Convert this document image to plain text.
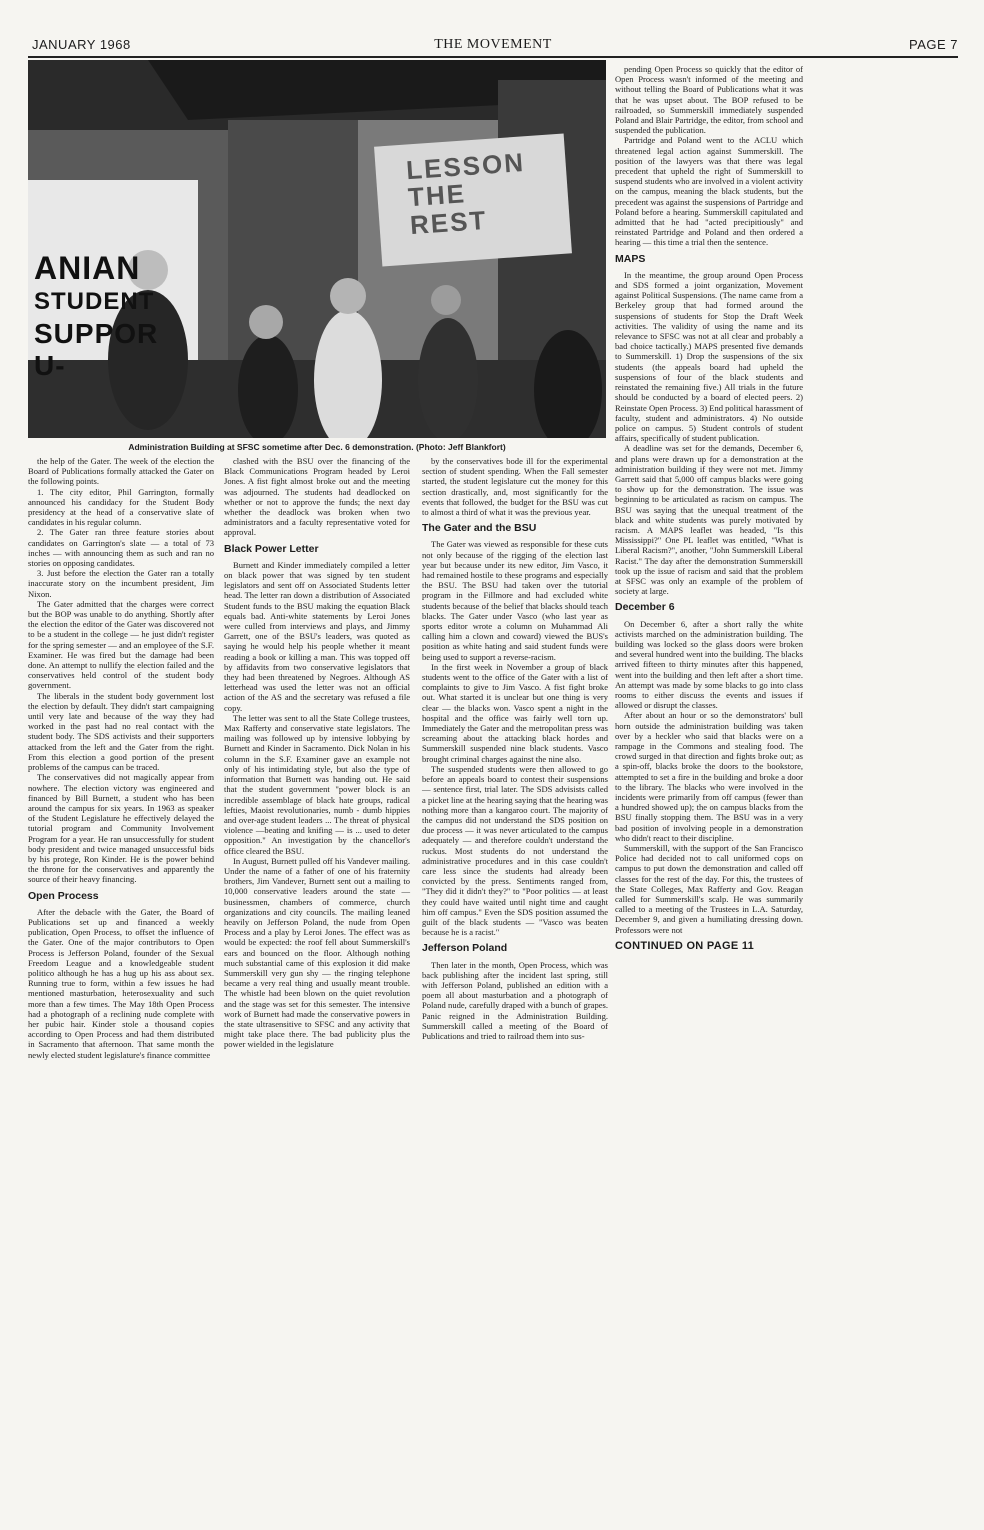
JANUARY 1968	THE MOVEMENT	PAGE 7
ANIAN
STUDENT
SUPPOR
U-
LESSON
THE
REST
Administration Building at SFSC sometime after Dec. 6 demonstration. (Photo: Jeff Blankfort)

the help of the Gater. The week of the election the Board of Publications formally attacked the Gater on the following points.

1. The city editor, Phil Garrington, formally announced his candidacy for the Student Body presidency at the head of a conservative slate of candidates in his regular column.

2. The Gater ran three feature stories about candidates on Garrington's slate — a total of 73 inches — with announcing them as such and ran no stories on opposing candidates.

3. Just before the election the Gater ran a totally inaccurate story on the incumbent president, Jim Nixon.

The Gater admitted that the charges were correct but the BOP was unable to do anything. Shortly after the election the editor of the Gater was discovered not to be a student in the college — he just didn't register for the spring semester — and an employee of the S.F. Examiner. He was fired but the damage had been done. An attempt to nullify the election failed and the conservatives held control of the student body government.

The liberals in the student body government lost the election by default. They didn't start campaigning until very late and because of the way they had worked in the past had no real contact with the student body. The SDS activists and their supporters attacked from the left and the Gater from the right. From this election a good portion of the present problems of the campus can be traced.

The conservatives did not magically appear from nowhere. The election victory was engineered and financed by Bill Burnett, a student who has been around the campus for six years. In 1963 as speaker of the Student Legislature he effectively delayed the tutorial program and Community Involvement Program for a year. He ran unsuccessfully for student body president and twice managed unsuccessful bids by his protege, Ron Kinder. He is the power behind the throne for the conservatives and apparently the source of their heavy financing.

Open Process

After the debacle with the Gater, the Board of Publications set up and financed a weekly publication, Open Process, to offset the influence of the Gater. One of the major contributors to Open Process is Jefferson Poland, founder of the Sexual Freedom League and a knowledgeable student politico although he has a hug up his ass about sex. Running true to form, within a few issues he had mentioned masturbation, heterosexuality and such more than a few times. The May 18th Open Process had a photograph of a reclining nude complete with her pubic hair. Kinder stole a thousand copies according to Open Process and had them distributed in Sacramento that afternoon. That same month the newly elected student legislature's finance committee

clashed with the BSU over the financing of the Black Communications Program headed by Leroi Jones. A fist fight almost broke out and the meeting was adjourned. The students had deadlocked on whether or not to approve the funds; the next day whether the deadlock was broken when two administrators and a faculty representative voted for approval.

Black Power Letter

Burnett and Kinder immediately compiled a letter on black power that was signed by ten student legislators and sent off on Associated Students letter head. The letter ran down a distribution of Associated Student funds to the BSU making the equation Black equals bad. Anti-white statements by Leroi Jones were culled from interviews and plays, and Jimmy Garrett, one of the BSU's leaders, was quoted as saying he would help his people whether it meant reading a book or killing a man. This was topped off by affidavits from two conservative legislators that they had been threatened by Negroes. Although AS letterhead was used the letter was not an official action of the AS and the secretary was refused a file copy.

The letter was sent to all the State College trustees, Max Rafferty and conservative state legislators. The mailing was followed up by intensive lobbying by Burnett and Kinder in Sacramento. Dick Nolan in his column in the S.F. Examiner gave an example not only of his intimidating style, but also the type of information that Burnett was handing out. He said that the student government "power block is an incredible assemblage of black hate groups, radical lefties, Maoist revolutionaries, numb - dumb hippies and over-age student leaders ... The threat of physical violence —beating and knifing — is ... used to deter opposition." An investigation by the chancellor's office cleared the BSU.

In August, Burnett pulled off his Vandever mailing. Under the name of a father of one of his fraternity brothers, Jim Vandever, Burnett sent out a mailing to 10,000 conservative leaders around the state — businessmen, chambers of commerce, church organizations and city councils. The mailing leaned heavily on Jefferson Poland, the nude from Open Process and a play by Leroi Jones. The effect was as would be expected: the roof fell about Summerskill's ears and bounced on the floor. Although nothing much substantial came of this explosion it did make Summerskill very gun shy — the ringing telephone became a very real thing and usually meant trouble. The whistle had been blown on the quiet revolution and the stage was set for this semester. The intensive work of Burnett had made the conservative powers in the state ultrasensitive to SFSC and any activity that might take place there. The bad publicity plus the power wielded in the legislature

by the conservatives bode ill for the experimental section of student spending. When the Fall semester started, the student legislature cut the money for this section drastically, and, most significantly for the events that followed, the budget for the BSU was cut to almost a third of what it was the previous year.

The Gater and the BSU

The Gater was viewed as responsible for these cuts not only because of the rigging of the election last year but because under its new editor, Jim Vasco, it had remained hostile to these programs and especially the BSU. The BSU had taken over the tutorial program in the Fillmore and had excluded white students because of the belief that blacks should teach blacks. The Gater under Vasco (who last year as sports editor wrote a column on Muhammad Ali calling him a clown and coward) viewed the BUS's position as white hating and said student funds were being used to support a reverse-racism.

In the first week in November a group of black students went to the office of the Gater with a list of complaints to give to Jim Vasco. A fist fight broke out. What started it is unclear but one thing is very clear — the blacks won. Vasco spent a night in the hospital and the office was fairly well torn up. Immediately the Gater and the metropolitan press was screaming about the attacking black hordes and Summerskill suspended nine black students. Vasco brought criminal charges against the nine also.

The suspended students were then allowed to go before an appeals board to contest their suspensions — sentence first, trial later. The SDS advisists called a picket line at the hearing saying that the hearing was nothing more than a kangaroo court. The majority of the campus did not understand the SDS position on due process — it was never articulated to the campus adequately — and therefore couldn't understand the ruckus. Most students do not understand the administrative procedures and in this case couldn't care less since the students had already been convicted by the press. Sentiments ranged from, "They did it didn't they?" to "Poor politics — at least they could have waited until night time and caught him off campus." Even the SDS position assumed the guilt of the black students — "Vasco was beaten because he is a racist."

Jefferson Poland

Then later in the month, Open Process, which was back publishing after the incident last spring, still with Jefferson Poland, published an edition with a poem all about masturbation and a photograph of Poland nude, carefully draped with a bunch of grapes. Panic reigned in the Administration Building. Summerskill called a meeting of the Board of Publications and tried to railroad them into sus-

pending Open Process so quickly that the editor of Open Process wasn't informed of the meeting and without telling the Board of Publications what it was that he was upset about. The BOP refused to be railroaded, so Summerskill immediately suspended Poland and Blair Partridge, the editor, from school and suspended the publication.

Partridge and Poland went to the ACLU which threatened legal action against Summerskill. The position of the lawyers was that there was legal precedent that upheld the right of Summerskill to suspend students who are involved in a violent activity on the campus, meaning the black students, but the precedent was against the suspensions of Partridge and Poland before a hearing. Summerskill capitulated and admitted that he had "acted precipitiously" and reinstated Partridge and Poland and then ordered a hearing — this time a trial then the sentence.

MAPS

In the meantime, the group around Open Process and SDS formed a joint organization, Movement against Political Suspensions. (The name came from a Berkeley group that had formed around the suspensions of students for Stop the Draft Week activities. The validity of using the name and its relevance to SFSC was not at all clear and probably a bad choice tactically.) MAPS presented five demands to Summerskill. 1) Drop the suspensions of the six students (the appeals board had upheld the suspensions of four of the black students and reinstated the remaining five.) All trials in the future should be conducted by a board of elected peers. 2) Reinstate Open Process. 3) End political harassment of faculty, student and administrators. 4) No outside police on campus. 5) Student controls of student affairs, specifically of student publication.

A deadline was set for the demands, December 6, and plans were drawn up for a demonstration at the administration building if they were not met. Jimmy Garrett said that 5,000 off campus blacks were going to show up for the demonstration. The issue was beginning to be articulated as racism on campus. The BSU was saying that the unequal treatment of the black and white students was purely motivated by racism. A MAPS leaflet was headed, "Is this Mississippi?" One PL leaflet was entitled, "What is Liberal Racism?", another, "John Summerskill Liberal Racist." The day after the demonstration Summerskill took up the issue of racism and said that the problem at SFSC was only an example of the problem of society at large.

December 6

On December 6, after a short rally the white activists marched on the administration building. The building was locked so the glass doors were broken and several hundred went into the building. The blacks arrived fifteen to thirty minutes after this happened, went into the building and then left after a short time. An attempt was made by some blacks to go into class rooms to either discuss the events and issues if allowed or disrupt the classes.

After about an hour or so the demonstrators' bull horn outside the administration building was taken over by a heckler who said that blacks were on a rampage in the Commons and stealing food. The crowd surged in that direction and fights broke out; as a spin-off, blacks broke the doors to the bookstore, attempted to set a fire in the building and broke a door to the library. The blacks who were involved in the incidents were primarily from off campus (fewer than a hundred showed up); the on campus blacks from the BSU finally stopping them. The BSU was in a very bad position of involving people in a demonstration who didn't react to their discipline.

Summerskill, with the support of the San Francisco Police had decided not to call uniformed cops on campus to put down the demonstration and called off classes for the rest of the day. For this, the trustees of the State Colleges, Max Rafferty and Gov. Reagan called for Summerskill's scalp. He was summarily called to a meeting of the Trustees in L.A. Saturday, December 9, and given a humiliating dressing down. Professors were not

CONTINUED ON PAGE 11
